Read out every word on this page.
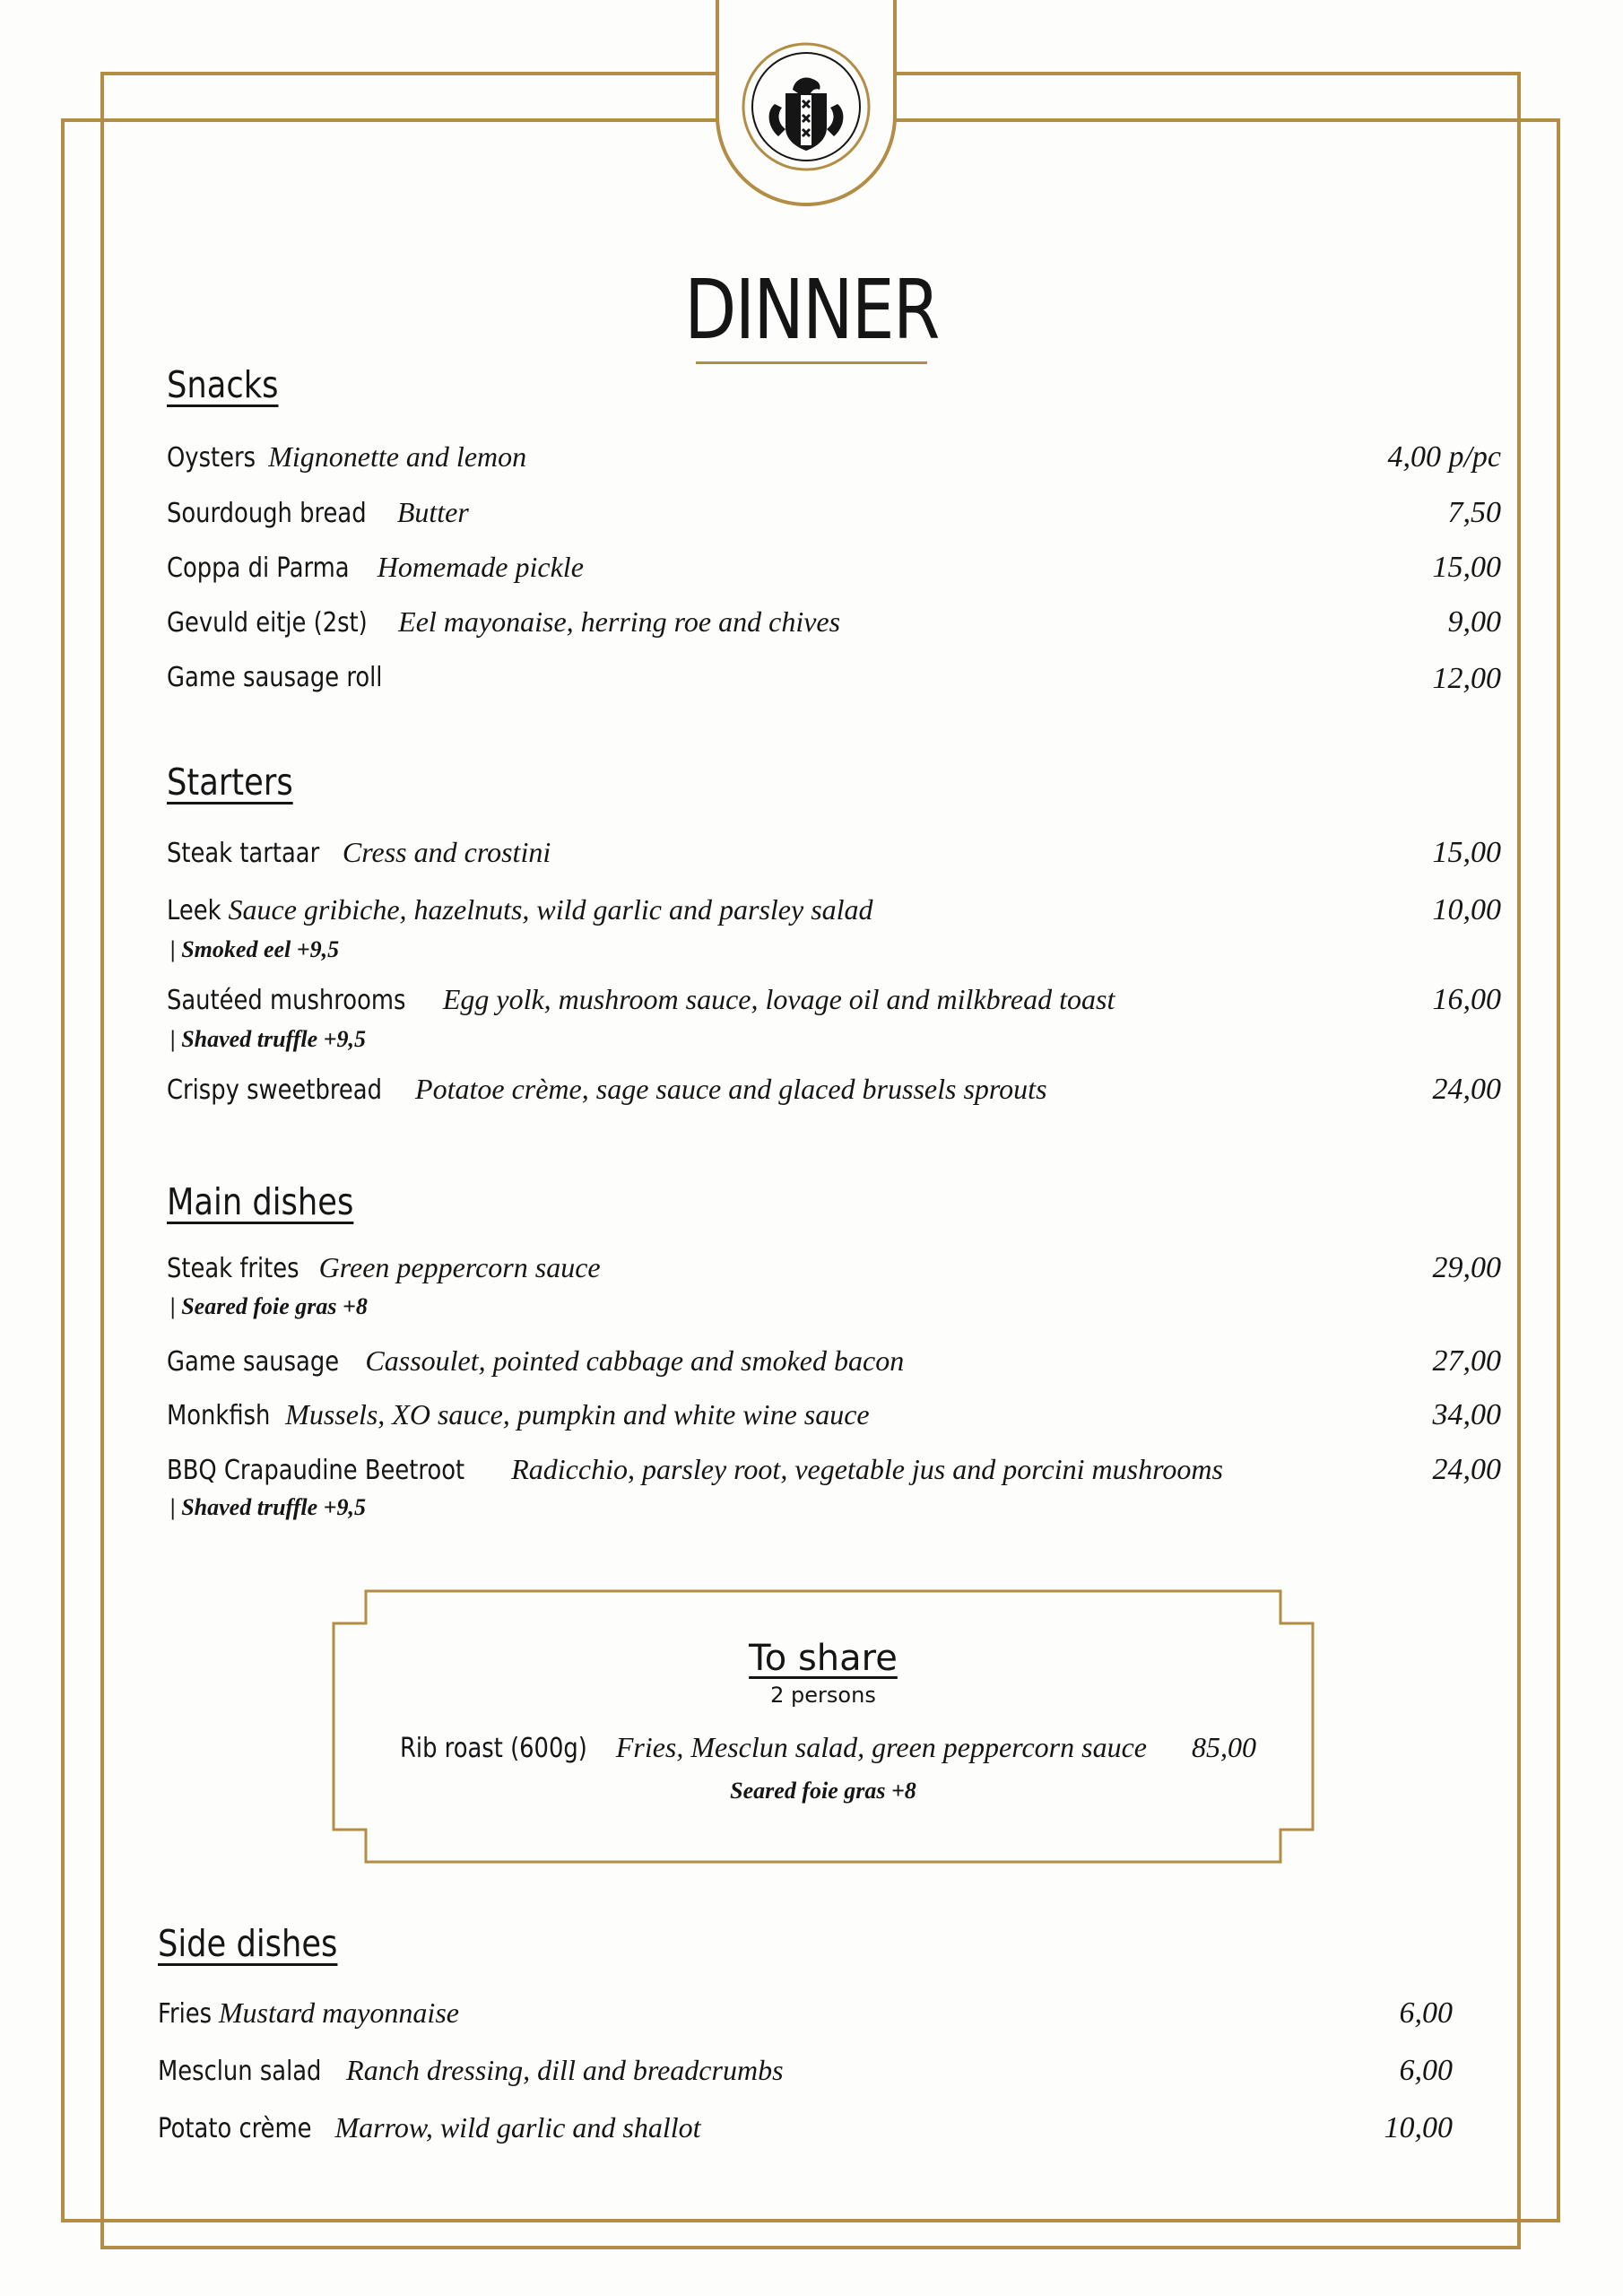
DINNER
Snacks
Oysters Mignonette and lemon	4,00 p/pc
Sourdough bread Butter	7,50
Coppa di Parma Homemade pickle	15,00
Gevuld eitje (2st) Eel mayonaise, herring roe and chives	9,00
Game sausage roll	12,00
Starters
Steak tartaar Cress and crostini	15,00
Leek Sauce gribiche, hazelnuts, wild garlic and parsley salad	10,00
| Smoked eel +9,5
Sautéed mushrooms Egg yolk, mushroom sauce, lovage oil and milkbread toast	16,00
| Shaved truffle +9,5
Crispy sweetbread Potatoe crème, sage sauce and glaced brussels sprouts	24,00
Main dishes
Steak frites Green peppercorn sauce	29,00
| Seared foie gras +8
Game sausage Cassoulet, pointed cabbage and smoked bacon	27,00
Monkfish Mussels, XO sauce, pumpkin and white wine sauce	34,00
BBQ Crapaudine Beetroot Radicchio, parsley root, vegetable jus and porcini mushrooms	24,00
| Shaved truffle +9,5
To share
2 persons
Rib roast (600g) Fries, Mesclun salad, green peppercorn sauce 85,00
Seared foie gras +8
Side dishes
Fries Mustard mayonnaise	6,00
Mesclun salad Ranch dressing, dill and breadcrumbs	6,00
Potato crème Marrow, wild garlic and shallot	10,00
